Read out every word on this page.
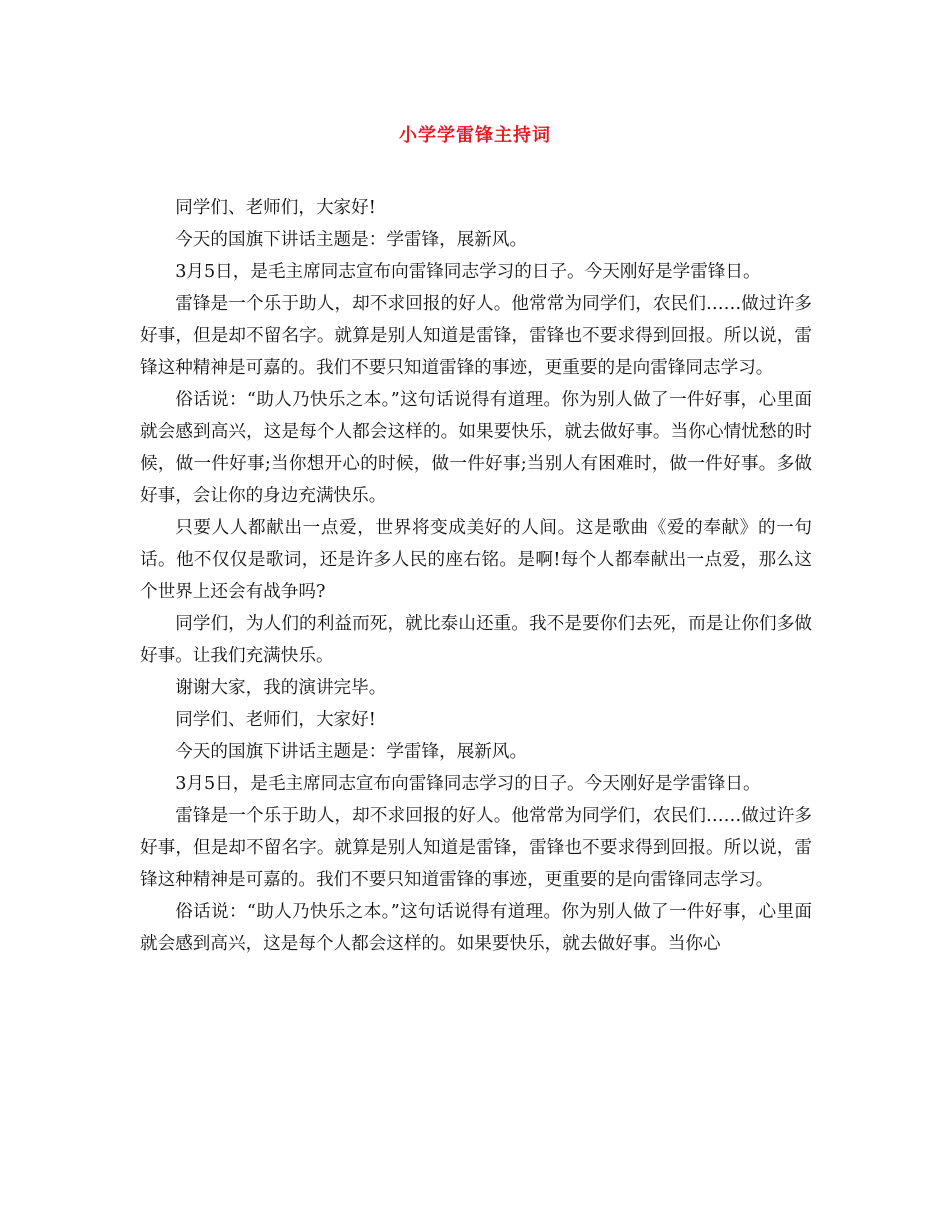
小学学雷锋主持词

同学们、老师们，大家好!

今天的国旗下讲话主题是：学雷锋，展新风。

3月5日，是毛主席同志宣布向雷锋同志学习的日子。今天刚好是学雷锋日。

雷锋是一个乐于助人，却不求回报的好人。他常常为同学们，农民们……做过许多好事，但是却不留名字。就算是别人知道是雷锋，雷锋也不要求得到回报。所以说，雷锋这种精神是可嘉的。我们不要只知道雷锋的事迹，更重要的是向雷锋同志学习。

俗话说：“助人乃快乐之本。”这句话说得有道理。你为别人做了一件好事，心里面就会感到高兴，这是每个人都会这样的。如果要快乐，就去做好事。当你心情忧愁的时候，做一件好事;当你想开心的时候，做一件好事;当别人有困难时，做一件好事。多做好事，会让你的身边充满快乐。

只要人人都献出一点爱，世界将变成美好的人间。这是歌曲《爱的奉献》的一句话。他不仅仅是歌词，还是许多人民的座右铭。是啊!每个人都奉献出一点爱，那么这个世界上还会有战争吗?

同学们，为人们的利益而死，就比泰山还重。我不是要你们去死，而是让你们多做好事。让我们充满快乐。

谢谢大家，我的演讲完毕。

同学们、老师们，大家好!

今天的国旗下讲话主题是：学雷锋，展新风。

3月5日，是毛主席同志宣布向雷锋同志学习的日子。今天刚好是学雷锋日。

雷锋是一个乐于助人，却不求回报的好人。他常常为同学们，农民们……做过许多好事，但是却不留名字。就算是别人知道是雷锋，雷锋也不要求得到回报。所以说，雷锋这种精神是可嘉的。我们不要只知道雷锋的事迹，更重要的是向雷锋同志学习。

俗话说：“助人乃快乐之本。”这句话说得有道理。你为别人做了一件好事，心里面就会感到高兴，这是每个人都会这样的。如果要快乐，就去做好事。当你心
